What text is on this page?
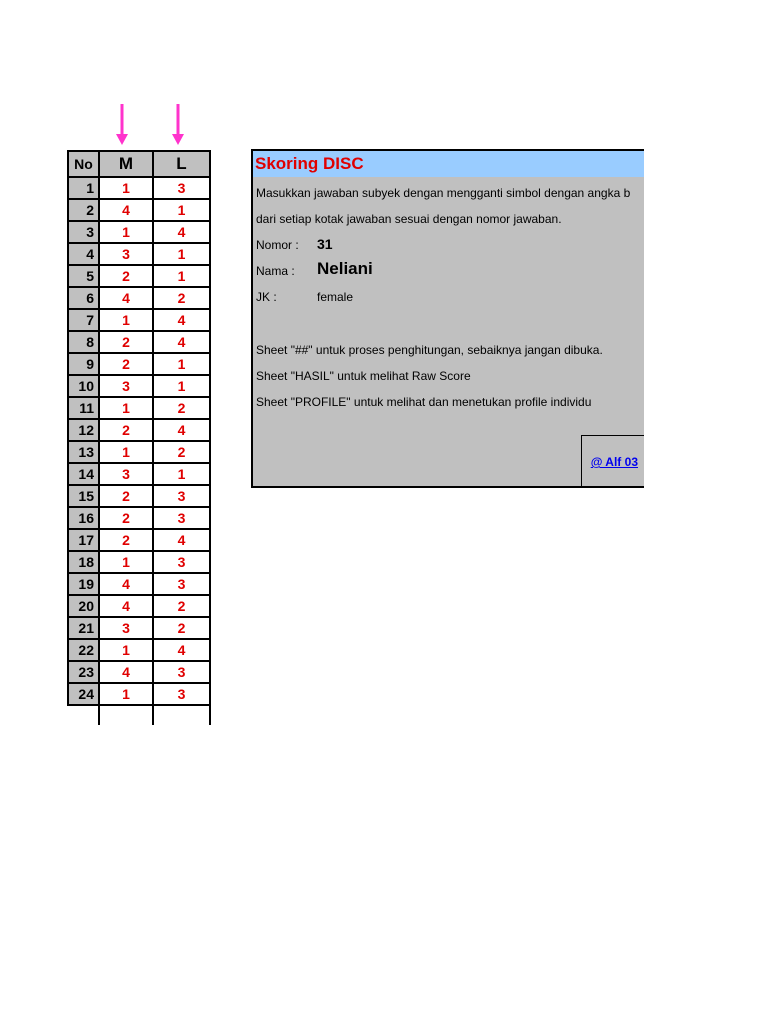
No	M	L
1	1	3
2	4	1
3	1	4
4	3	1
5	2	1
6	4	2
7	1	4
8	2	4
9	2	1
10	3	1
11	1	2
12	2	4
13	1	2
14	3	1
15	2	3
16	2	3
17	2	4
18	1	3
19	4	3
20	4	2
21	3	2
22	1	4
23	4	3
24	1	3

Skoring DISC
Masukkan jawaban subyek dengan mengganti simbol dengan angka b
dari setiap kotak jawaban sesuai dengan nomor jawaban.
Nomor : 31
Nama : Neliani
JK :	female
Sheet "##" untuk proses penghitungan, sebaiknya jangan dibuka.
Sheet "HASIL" untuk melihat Raw Score
Sheet "PROFILE" untuk melihat dan menetukan profile individu
@ Alf 03
